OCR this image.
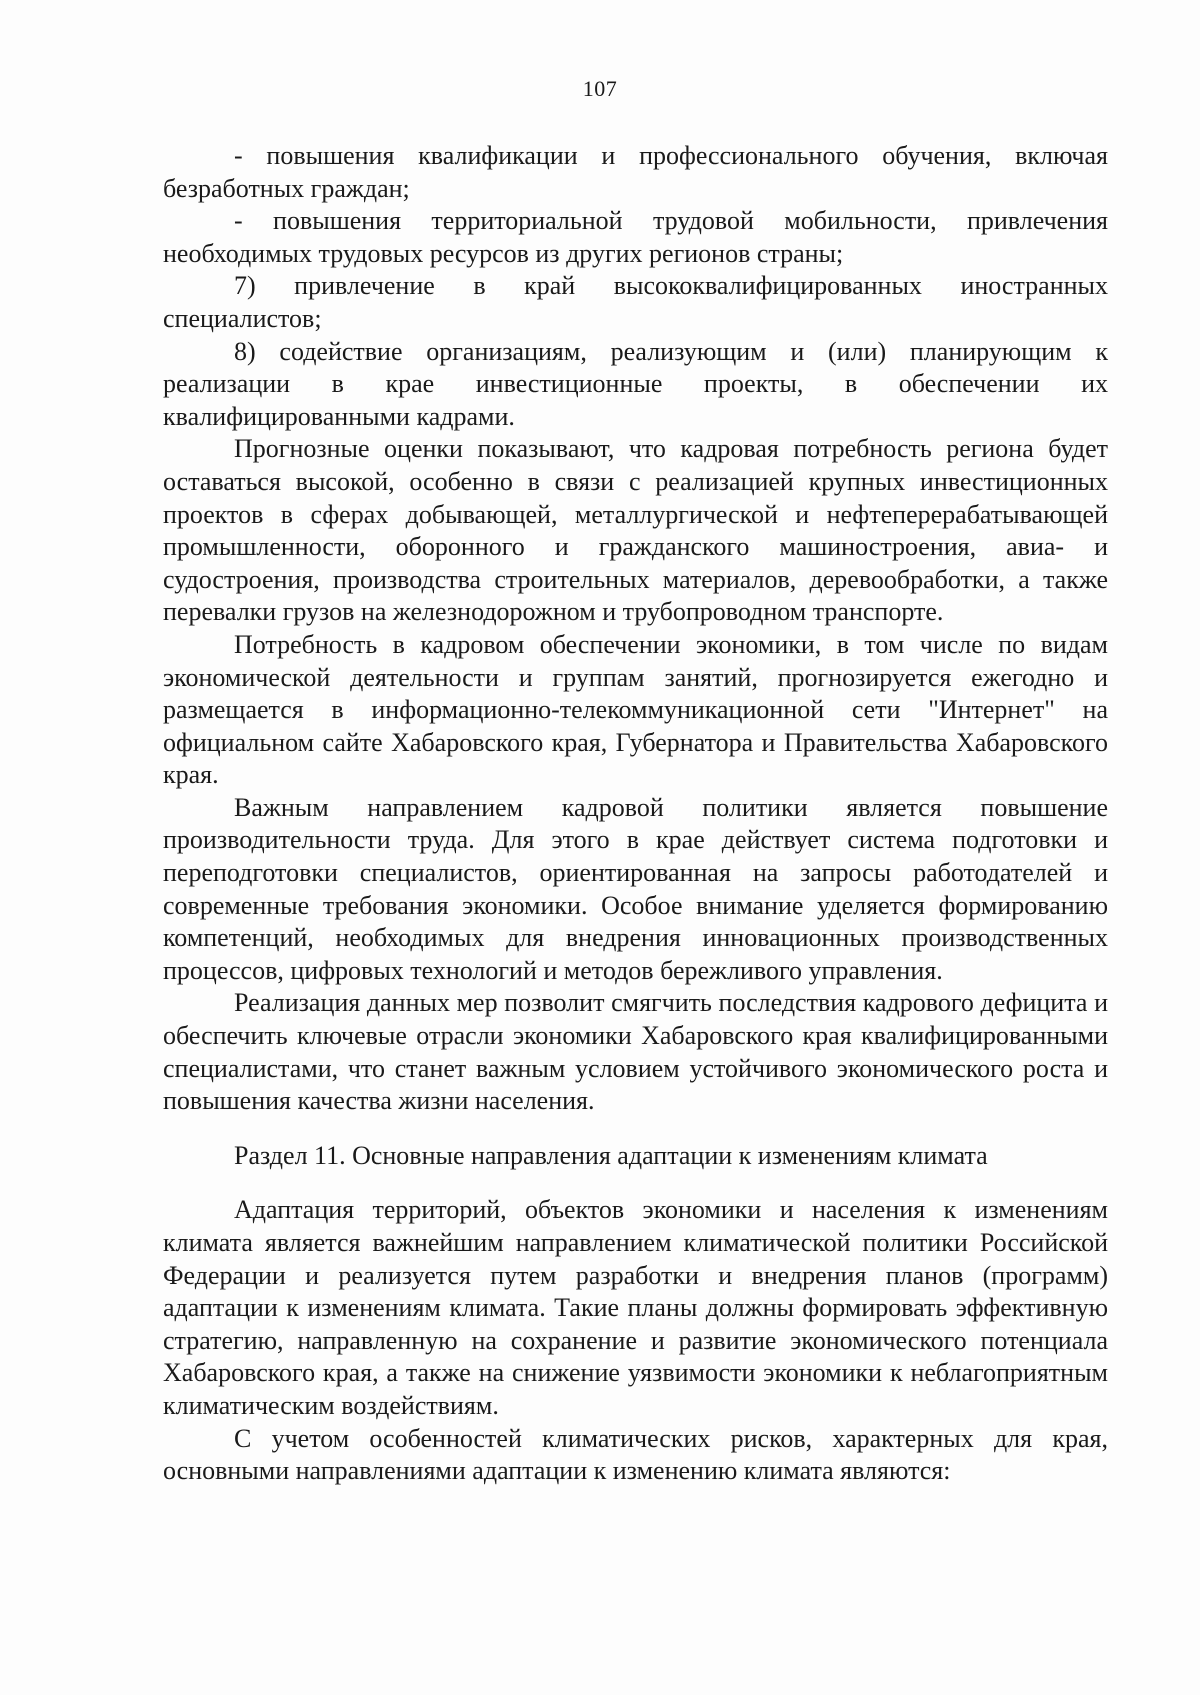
107

- повышения квалификации и профессионального обучения, включая безработных граждан;

- повышения территориальной трудовой мобильности, привлечения необходимых трудовых ресурсов из других регионов страны;

7) привлечение в край высококвалифицированных иностранных специалистов;

8) содействие организациям, реализующим и (или) планирующим к реализации в крае инвестиционные проекты, в обеспечении их квалифицированными кадрами.

Прогнозные оценки показывают, что кадровая потребность региона будет оставаться высокой, особенно в связи с реализацией крупных инвестиционных проектов в сферах добывающей, металлургической и нефтеперерабатывающей промышленности, оборонного и гражданского машиностроения, авиа- и судостроения, производства строительных материалов, деревообработки, а также перевалки грузов на железнодорожном и трубопроводном транспорте.

Потребность в кадровом обеспечении экономики, в том числе по видам экономической деятельности и группам занятий, прогнозируется ежегодно и размещается в информационно-телекоммуникационной сети "Интернет" на официальном сайте Хабаровского края, Губернатора и Правительства Хабаровского края.

Важным направлением кадровой политики является повышение производительности труда. Для этого в крае действует система подготовки и переподготовки специалистов, ориентированная на запросы работодателей и современные требования экономики. Особое внимание уделяется формированию компетенций, необходимых для внедрения инновационных производственных процессов, цифровых технологий и методов бережливого управления.

Реализация данных мер позволит смягчить последствия кадрового дефицита и обеспечить ключевые отрасли экономики Хабаровского края квалифицированными специалистами, что станет важным условием устойчивого экономического роста и повышения качества жизни населения.

Раздел 11. Основные направления адаптации к изменениям климата

Адаптация территорий, объектов экономики и населения к изменениям климата является важнейшим направлением климатической политики Российской Федерации и реализуется путем разработки и внедрения планов (программ) адаптации к изменениям климата. Такие планы должны формировать эффективную стратегию, направленную на сохранение и развитие экономического потенциала Хабаровского края, а также на снижение уязвимости экономики к неблагоприятным климатическим воздействиям.

С учетом особенностей климатических рисков, характерных для края, основными направлениями адаптации к изменению климата являются:
